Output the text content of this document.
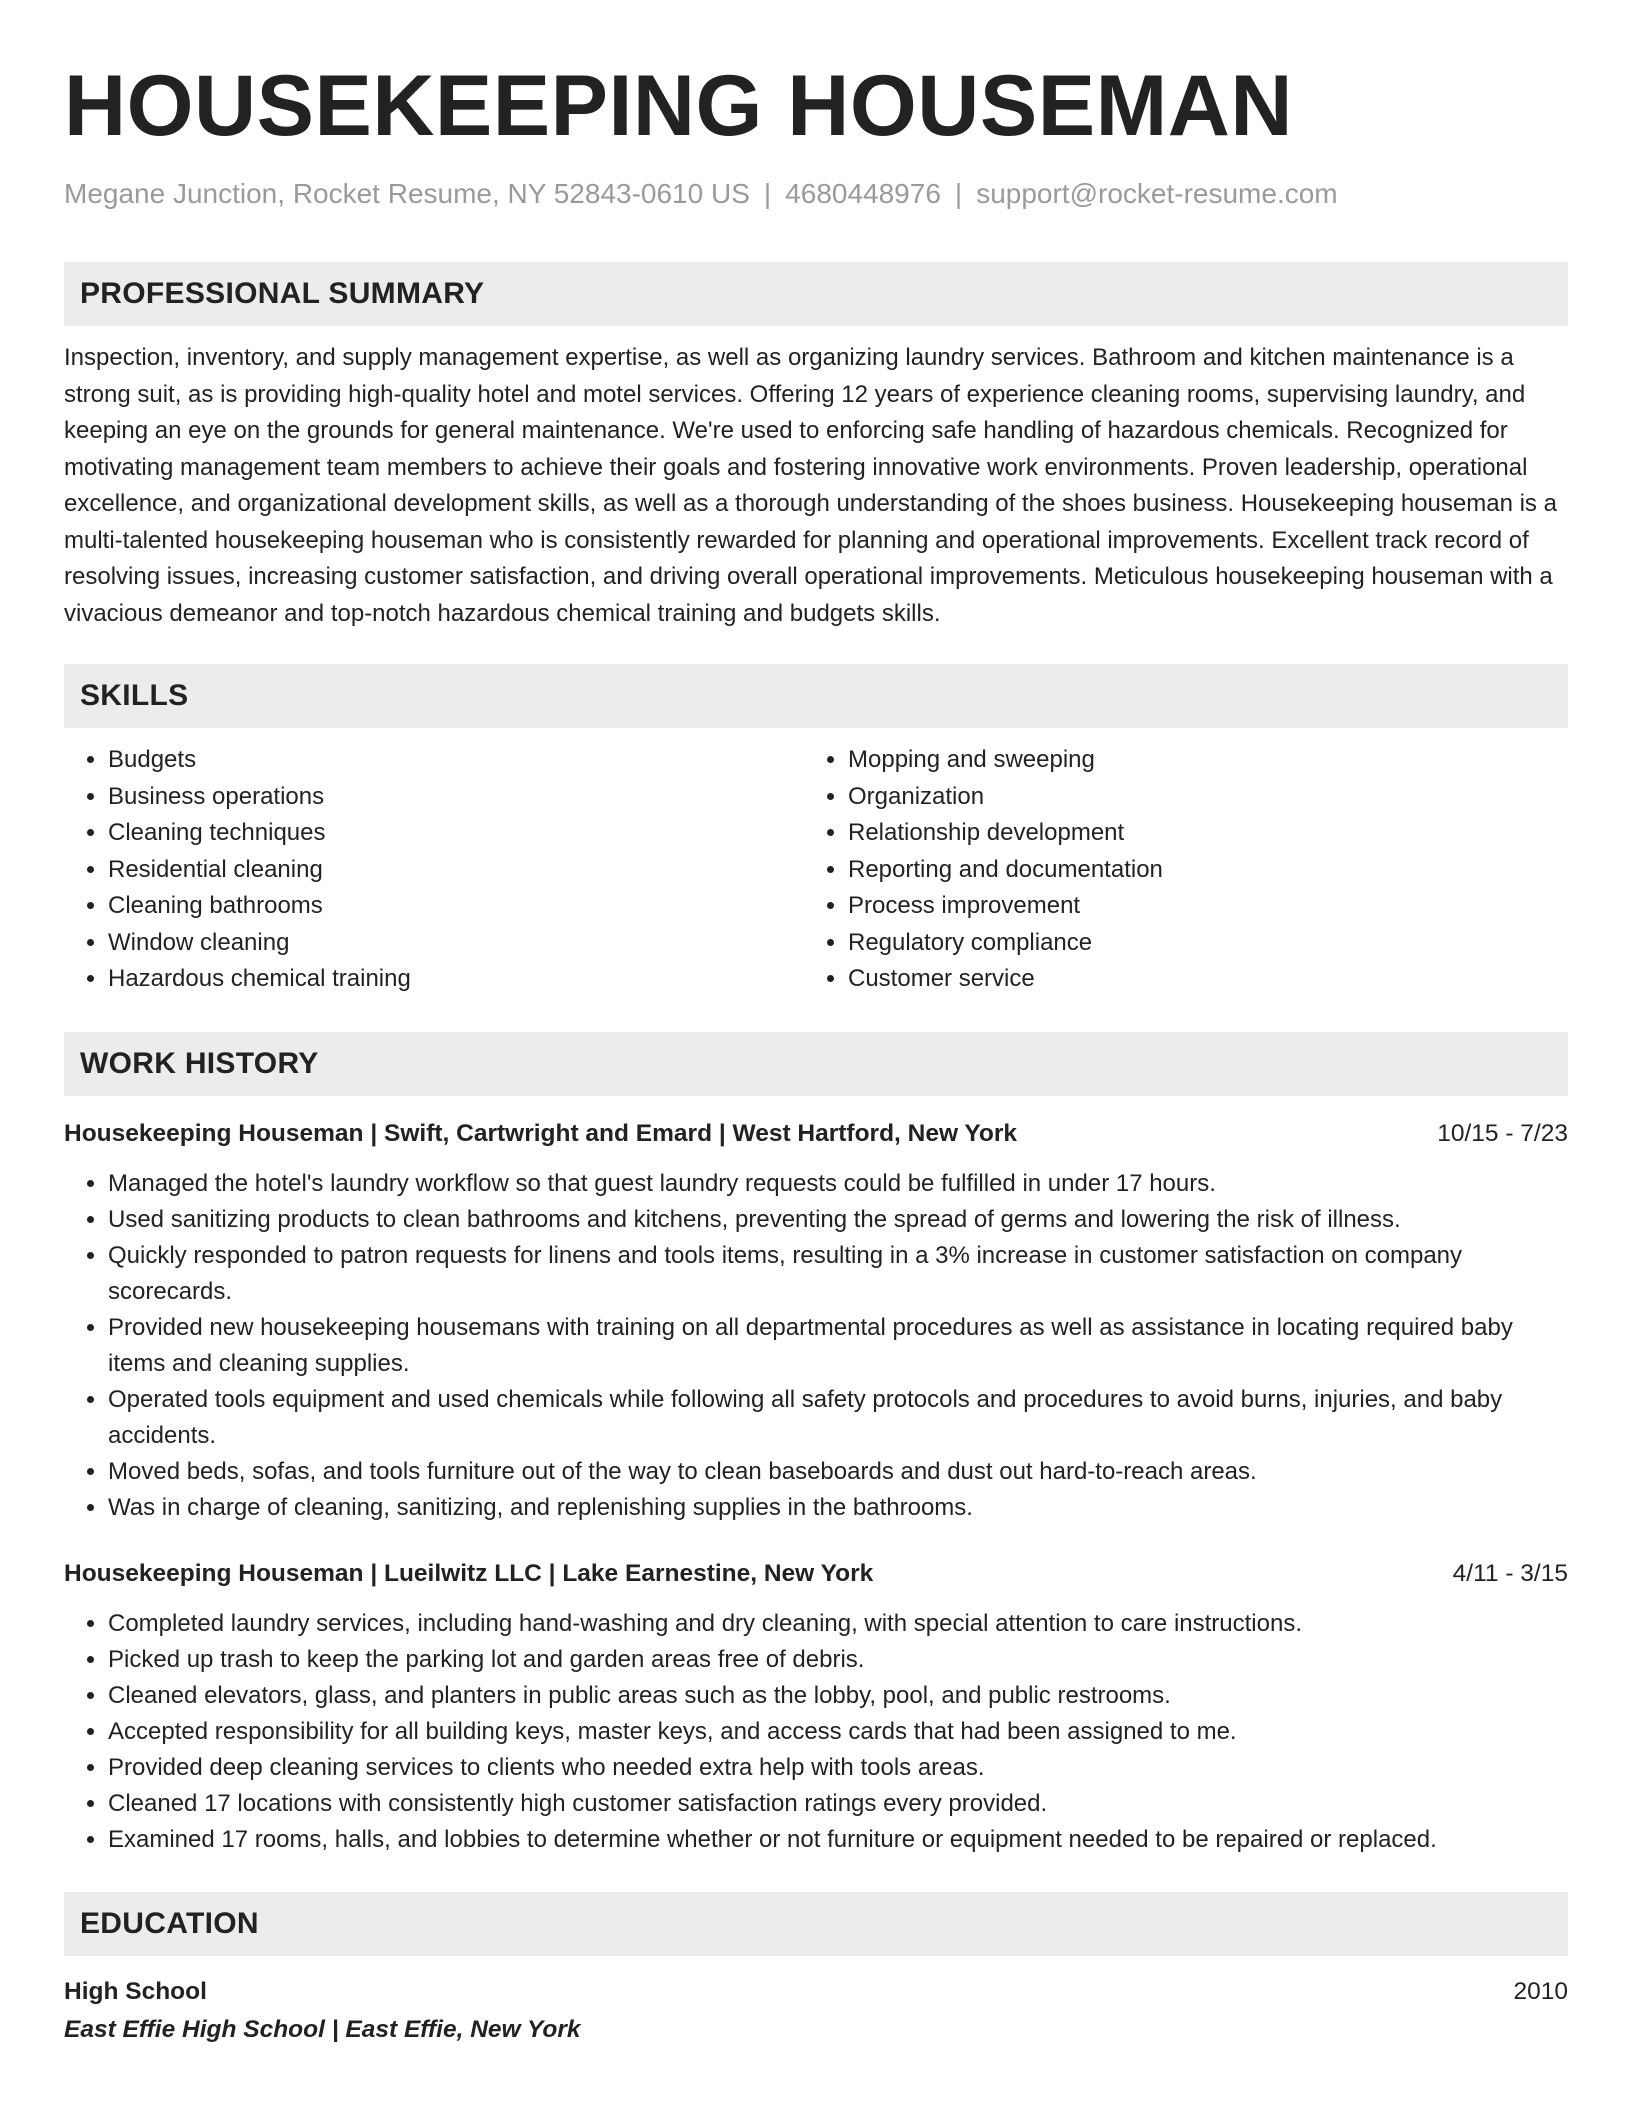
HOUSEKEEPING HOUSEMAN
Megane Junction, Rocket Resume, NY 52843-0610 US | 4680448976 | support@rocket-resume.com
PROFESSIONAL SUMMARY

Inspection, inventory, and supply management expertise, as well as organizing laundry services. Bathroom and kitchen maintenance is a strong suit, as is providing high-quality hotel and motel services. Offering 12 years of experience cleaning rooms, supervising laundry, and keeping an eye on the grounds for general maintenance. We're used to enforcing safe handling of hazardous chemicals. Recognized for motivating management team members to achieve their goals and fostering innovative work environments. Proven leadership, operational excellence, and organizational development skills, as well as a thorough understanding of the shoes business. Housekeeping houseman is a multi-talented housekeeping houseman who is consistently rewarded for planning and operational improvements. Excellent track record of resolving issues, increasing customer satisfaction, and driving overall operational improvements. Meticulous housekeeping houseman with a vivacious demeanor and top-notch hazardous chemical training and budgets skills.

SKILLS
• Budgets
• Business operations
• Cleaning techniques
• Residential cleaning
• Cleaning bathrooms
• Window cleaning
• Hazardous chemical training
• Mopping and sweeping
• Organization
• Relationship development
• Reporting and documentation
• Process improvement
• Regulatory compliance
• Customer service
WORK HISTORY
Housekeeping Houseman | Swift, Cartwright and Emard | West Hartford, New York	10/15 - 7/23
• Managed the hotel's laundry workflow so that guest laundry requests could be fulfilled in under 17 hours.
• Used sanitizing products to clean bathrooms and kitchens, preventing the spread of germs and lowering the risk of illness.
• Quickly responded to patron requests for linens and tools items, resulting in a 3% increase in customer satisfaction on company scorecards.
• Provided new housekeeping housemans with training on all departmental procedures as well as assistance in locating required baby items and cleaning supplies.
• Operated tools equipment and used chemicals while following all safety protocols and procedures to avoid burns, injuries, and baby accidents.
• Moved beds, sofas, and tools furniture out of the way to clean baseboards and dust out hard-to-reach areas.
• Was in charge of cleaning, sanitizing, and replenishing supplies in the bathrooms.
Housekeeping Houseman | Lueilwitz LLC | Lake Earnestine, New York	4/11 - 3/15
• Completed laundry services, including hand-washing and dry cleaning, with special attention to care instructions.
• Picked up trash to keep the parking lot and garden areas free of debris.
• Cleaned elevators, glass, and planters in public areas such as the lobby, pool, and public restrooms.
• Accepted responsibility for all building keys, master keys, and access cards that had been assigned to me.
• Provided deep cleaning services to clients who needed extra help with tools areas.
• Cleaned 17 locations with consistently high customer satisfaction ratings every provided.
• Examined 17 rooms, halls, and lobbies to determine whether or not furniture or equipment needed to be repaired or replaced.
EDUCATION
High School	2010
East Effie High School | East Effie, New York
